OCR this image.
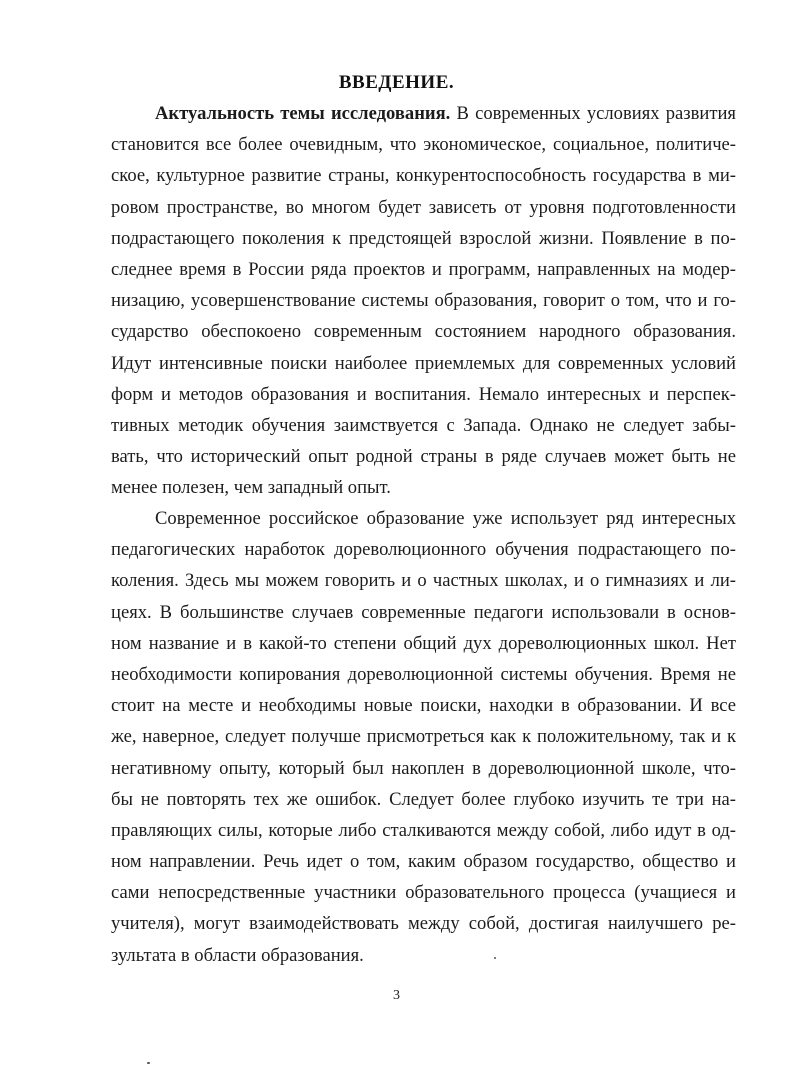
ВВЕДЕНИЕ.
Актуальность темы исследования. В современных условиях развития
становится все более очевидным, что экономическое, социальное, политиче-
ское, культурное развитие страны, конкурентоспособность государства в ми-
ровом пространстве, во многом будет зависеть от уровня подготовленности
подрастающего поколения к предстоящей взрослой жизни. Появление в по-
следнее время в России ряда проектов и программ, направленных на модер-
низацию, усовершенствование системы образования, говорит о том, что и го-
сударство обеспокоено современным состоянием народного образования.
Идут интенсивные поиски наиболее приемлемых для современных условий
форм и методов образования и воспитания. Немало интересных и перспек-
тивных методик обучения заимствуется с Запада. Однако не следует забы-
вать, что исторический опыт родной страны в ряде случаев может быть не
менее полезен, чем западный опыт.
Современное российское образование уже использует ряд интересных
педагогических наработок дореволюционного обучения подрастающего по-
коления. Здесь мы можем говорить и о частных школах, и о гимназиях и ли-
цеях. В большинстве случаев современные педагоги использовали в основ-
ном название и в какой-то степени общий дух дореволюционных школ. Нет
необходимости копирования дореволюционной системы обучения. Время не
стоит на месте и необходимы новые поиски, находки в образовании. И все
же, наверное, следует получше присмотреться как к положительному, так и к
негативному опыту, который был накоплен в дореволюционной школе, что-
бы не повторять тех же ошибок. Следует более глубоко изучить те три на-
правляющих силы, которые либо сталкиваются между собой, либо идут в од-
ном направлении. Речь идет о том, каким образом государство, общество и
сами непосредственные участники образовательного процесса (учащиеся и
учителя), могут взаимодействовать между собой, достигая наилучшего ре-
зультата в области образования.
3
